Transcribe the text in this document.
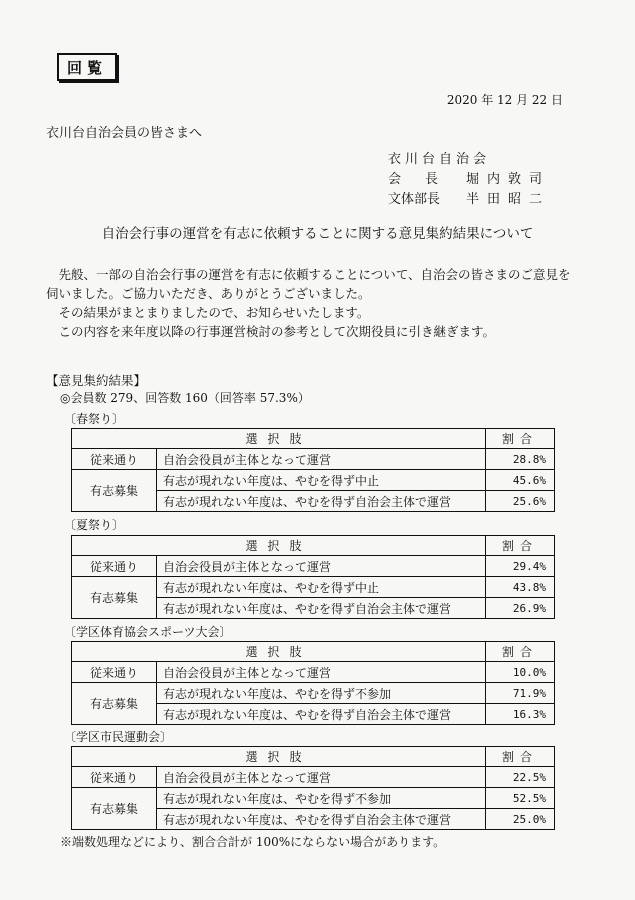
回覧
2020 年 12 月 22 日
衣川台自治会員の皆さまへ
衣川台自治会
会長 堀内敦司
文体部長	半田昭二
自治会行事の運営を有志に依頼することに関する意見集約結果について

先般、一部の自治会行事の運営を有志に依頼することについて、自治会の皆さまのご意見を伺いました。ご協力いただき、ありがとうございました。

その結果がまとまりましたので、お知らせいたします。

この内容を来年度以降の行事運営検討の参考として次期役員に引き継ぎます。

【意見集約結果】
◎会員数 279、回答数 160（回答率 57.3%）
〔春祭り〕
選択肢		割合
従来通り	自治会役員が主体となって運営	28.8%
有志募集	有志が現れない年度は、やむを得ず中止	45.6%
	有志が現れない年度は、やむを得ず自治会主体で運営	25.6%
〔夏祭り〕
選択肢		割合
従来通り	自治会役員が主体となって運営	29.4%
有志募集	有志が現れない年度は、やむを得ず中止	43.8%
	有志が現れない年度は、やむを得ず自治会主体で運営	26.9%
〔学区体育協会スポーツ大会〕
選択肢		割合
従来通り	自治会役員が主体となって運営	10.0%
有志募集	有志が現れない年度は、やむを得ず不参加	71.9%
	有志が現れない年度は、やむを得ず自治会主体で運営	16.3%
〔学区市民運動会〕
選択肢		割合
従来通り	自治会役員が主体となって運営	22.5%
有志募集	有志が現れない年度は、やむを得ず不参加	52.5%
	有志が現れない年度は、やむを得ず自治会主体で運営	25.0%
※端数処理などにより、割合合計が 100%にならない場合があります。
